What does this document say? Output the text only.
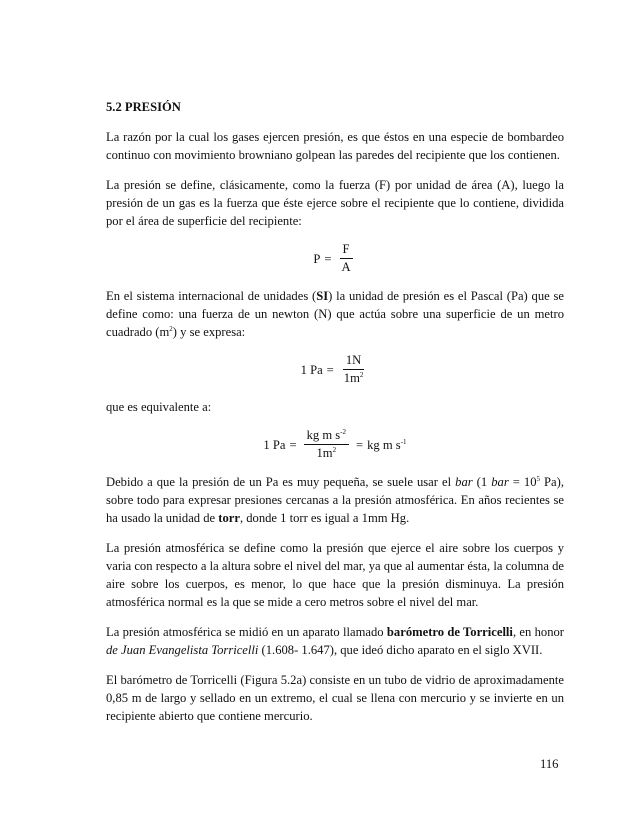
5.2 PRESIÓN

La razón por la cual los gases ejercen presión, es que éstos en una especie de bombardeo continuo con movimiento browniano golpean las paredes del recipiente que los contienen.

La presión se define, clásicamente, como la fuerza (F) por unidad de área (A), luego la presión de un gas es la fuerza que éste ejerce sobre el recipiente que lo contiene, dividida por el área de superficie del recipiente:

$P = \frac{F}{A}$

En el sistema internacional de unidades (SI) la unidad de presión es el Pascal (Pa) que se define como: una fuerza de un newton (N) que actúa sobre una superficie de un metro cuadrado $(m^2)$ y se expresa:

1 $Pa = \frac{1N}{1m^2}$

que es equivalente a:

1 $Pa = \frac{kg m s^{-2}}{1m^2}$ = kg m $s^{-1}$

Debido a que la presión de un Pa es muy pequeña, se suele usar el bar (1 bar = $10^5$ Pa), sobre todo para expresar presiones cercanas a la presión atmosférica. En años recientes se ha usado la unidad de torr, donde 1 torr es igual a 1mm Hg.

La presión atmosférica se define como la presión que ejerce el aire sobre los cuerpos y varia con respecto a la altura sobre el nivel del mar, ya que al aumentar ésta, la columna de aire sobre los cuerpos, es menor, lo que hace que la presión disminuya. La presión atmosférica normal es la que se mide a cero metros sobre el nivel del mar.

La presión atmosférica se midió en un aparato llamado barómetro de Torricelli, en honor de Juan Evangelista Torricelli (1.608- 1.647), que ideó dicho aparato en el siglo XVII.

El barómetro de Torricelli (Figura 5.2a) consiste en un tubo de vidrio de aproximadamente 0,85 m de largo y sellado en un extremo, el cual se llena con mercurio y se invierte en un recipiente abierto que contiene mercurio.

116
